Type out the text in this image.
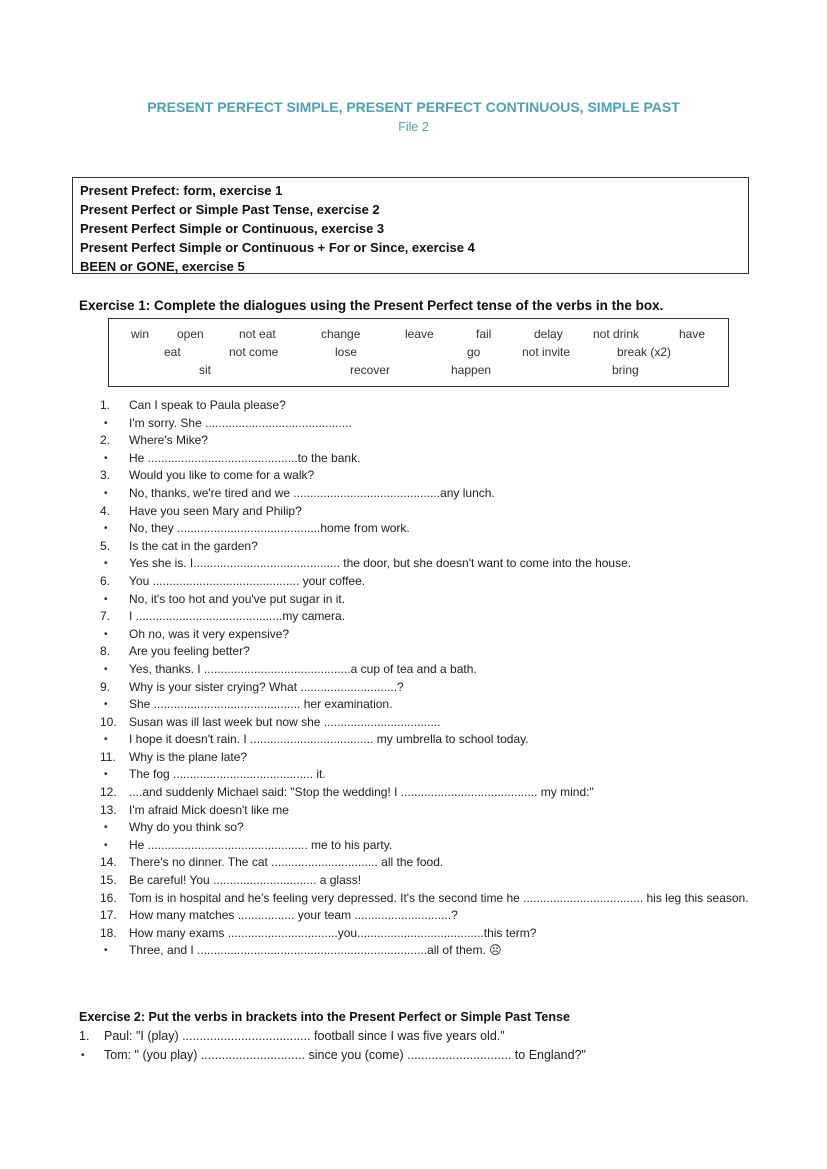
PRESENT PERFECT SIMPLE, PRESENT PERFECT CONTINUOUS, SIMPLE PAST
File 2
Present Prefect: form, exercise 1
Present Perfect or Simple Past Tense, exercise 2
Present Perfect Simple or Continuous, exercise 3
Present Perfect Simple or Continuous + For or Since, exercise 4
BEEN or GONE, exercise 5
Exercise 1: Complete the dialogues using the Present Perfect tense of the verbs in the box.
win open	not eat	change	leave	fail	delay	not drink	have
eat	not come	lose	go	not invite	break (x2)
sit	recover	happen	bring
1.	Can I speak to Paula please?
•	I'm sorry. She ............................................
2.	Where's Mike?
•	He .............................................to the bank.
3.	Would you like to come for a walk?
•	No, thanks, we're tired and we ............................................any lunch.
4.	Have you seen Mary and Philip?
•	No, they ...........................................home from work.
5.	Is the cat in the garden?
•	Yes she is. I............................................ the door, but she doesn't want to come into the house.
6.	You ............................................ your coffee.
•	No, it's too hot and you've put sugar in it.
7.	I ............................................my camera.
•	Oh no, was it very expensive?
8.	Are you feeling better?
•	Yes, thanks. I ............................................a cup of tea and a bath.
9.	Why is your sister crying? What .............................?
•	She ............................................ her examination.
10.	Susan was ill last week but now she ...................................
•	I hope it doesn't rain. I ..................................... my umbrella to school today.
11.	Why is the plane late?
•	The fog .......................................... it.
12.	....and suddenly Michael said: "Stop the wedding! I ......................................... my mind:"
13.	I'm afraid Mick doesn't like me
•	Why do you think so?
•	He ................................................ me to his party.
14.	There's no dinner. The cat ................................ all the food.
15.	Be careful! You ............................... a glass!
16.	Tom is in hospital and he's feeling very depressed. It's the second time he .................................... his leg this season.
17.	How many matches ................. your team .............................?
18.	How many exams .................................you......................................this term?
•	Three, and I .....................................................................all of them. ☹
Exercise 2: Put the verbs in brackets into the Present Perfect or Simple Past Tense
1.	Paul: "I (play) ..................................... football since I was five years old."
•	Tom: " (you play) .............................. since you (come) .............................. to England?"
